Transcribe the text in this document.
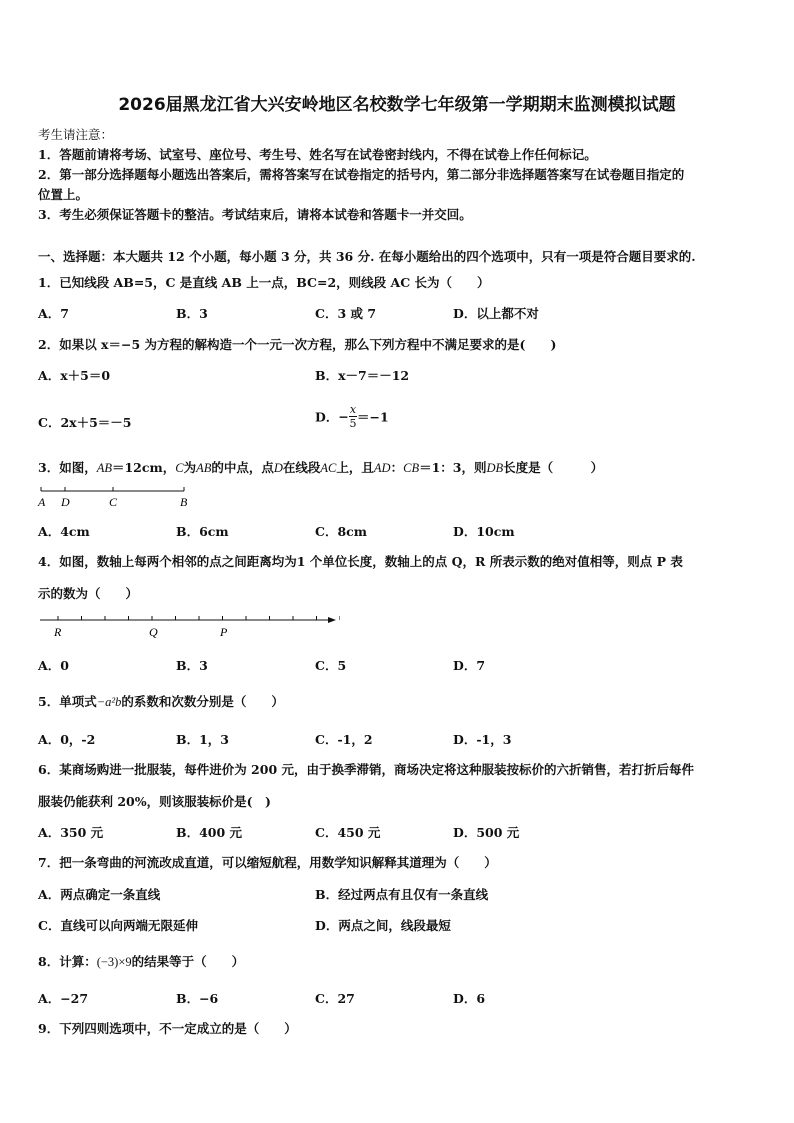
2026届黑龙江省大兴安岭地区名校数学七年级第一学期期末监测模拟试题
考生请注意：
1．答题前请将考场、试室号、座位号、考生号、姓名写在试卷密封线内，不得在试卷上作任何标记。
2．第一部分选择题每小题选出答案后，需将答案写在试卷指定的括号内，第二部分非选择题答案写在试卷题目指定的
位置上。
3．考生必须保证答题卡的整洁。考试结束后，请将本试卷和答题卡一并交回。
一、选择题：本大题共 12 个小题，每小题 3 分，共 36 分. 在每小题给出的四个选项中，只有一项是符合题目要求的.
1．已知线段 AB=5，C 是直线 AB 上一点，BC=2，则线段 AC 长为（　　）
A．7	B．3	C．3 或 7	D．以上都不对
2．如果以 x＝−5 为方程的解构造一个一元一次方程，那么下列方程中不满足要求的是(　　)
A．x＋5＝0	B．x－7＝－12
C．2x＋5＝－5	D．− $\frac{x}{5} =-1$
3．如图，AB＝12cm，C为AB的中点，点D在线段AC上，且AD：CB＝1：3，则DB长度是（　　　）
A D	C	B
A．4cm	B．6cm	C．8cm	D．10cm
4．如图，数轴上每两个相邻的点之间距离均为1 个单位长度，数轴上的点 Q，R 所表示数的绝对值相等，则点 P 表
示的数为（　　）
R	Q	P
A．0	B．3	C．5	D．7
5．单项式−a²b的系数和次数分别是（　　）
A．0，-2	B．1，3	C．-1，2	D．-1，3
6．某商场购进一批服装，每件进价为 200 元，由于换季滞销，商场决定将这种服装按标价的六折销售，若打折后每件
服装仍能获利 20%，则该服装标价是(　)
A．350 元	B．400 元	C．450 元	D．500 元
7．把一条弯曲的河流改成直道，可以缩短航程，用数学知识解释其道理为（　　）
A．两点确定一条直线	B．经过两点有且仅有一条直线
C．直线可以向两端无限延伸	D．两点之间，线段最短
8．计算：(−3)×9的结果等于（　　）
A．−27	B．−6	C．27	D．6
9．下列四则选项中，不一定成立的是（　　）
